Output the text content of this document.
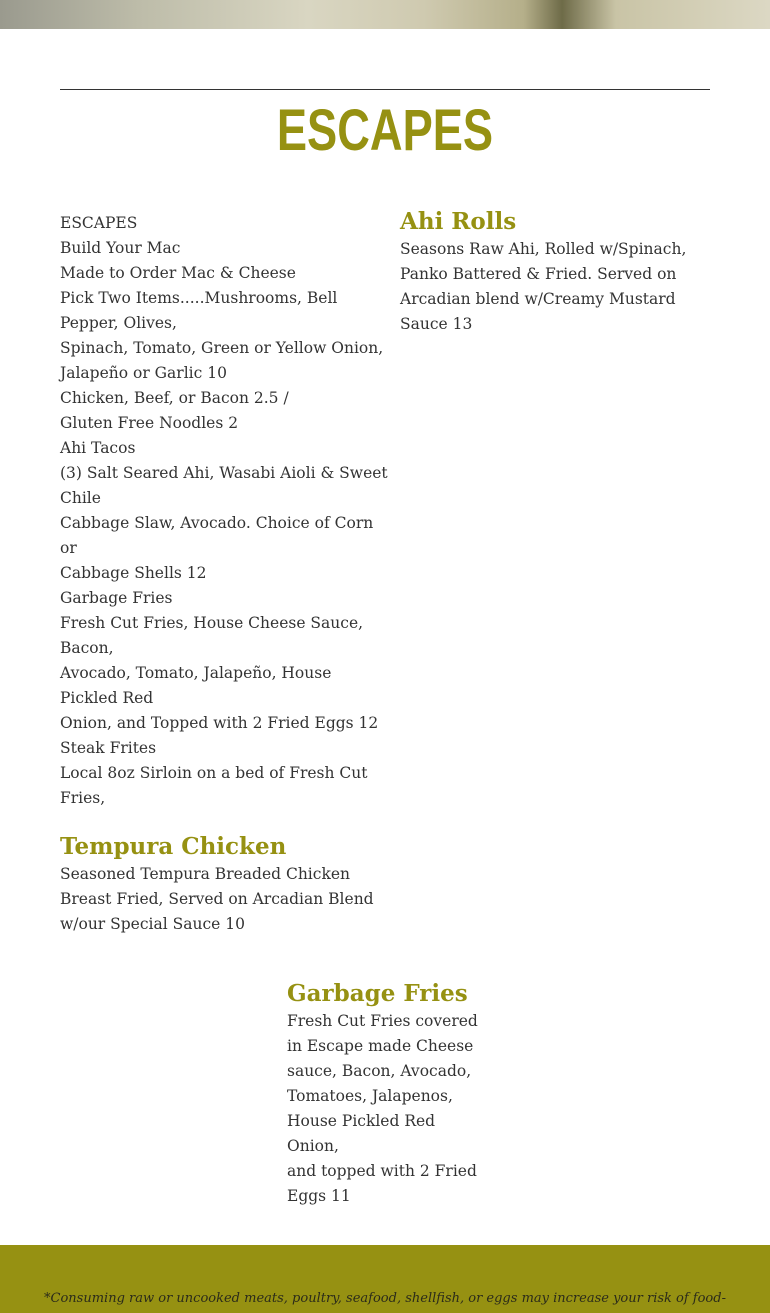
ESCAPES
ESCAPES
Build Your Mac
Made to Order Mac & Cheese
Pick Two Items.....Mushrooms, Bell
Pepper, Olives,
Spinach, Tomato, Green or Yellow Onion,
Jalapeño or Garlic 10
Chicken, Beef, or Bacon 2.5 /
Gluten Free Noodles 2
Ahi Tacos
(3) Salt Seared Ahi, Wasabi Aioli & Sweet
Chile
Cabbage Slaw, Avocado. Choice of Corn
or
Cabbage Shells 12
Garbage Fries
Fresh Cut Fries, House Cheese Sauce,
Bacon,
Avocado, Tomato, Jalapeño, House
Pickled Red
Onion, and Topped with 2 Fried Eggs 12
Steak Frites
Local 8oz Sirloin on a bed of Fresh Cut
Fries,
Ahi Rolls
Seasons Raw Ahi, Rolled w/Spinach,
Panko Battered & Fried. Served on
Arcadian blend w/Creamy Mustard
Sauce 13
Tempura Chicken
Seasoned Tempura Breaded Chicken
Breast Fried, Served on Arcadian Blend
w/our Special Sauce 10
Garbage Fries
Fresh Cut Fries covered
in Escape made Cheese
sauce, Bacon, Avocado,
Tomatoes, Jalapenos,
House Pickled Red Onion,
and topped with 2 Fried
Eggs 11
*Consuming raw or uncooked meats, poultry, seafood, shellfish, or eggs may increase your risk of food-
